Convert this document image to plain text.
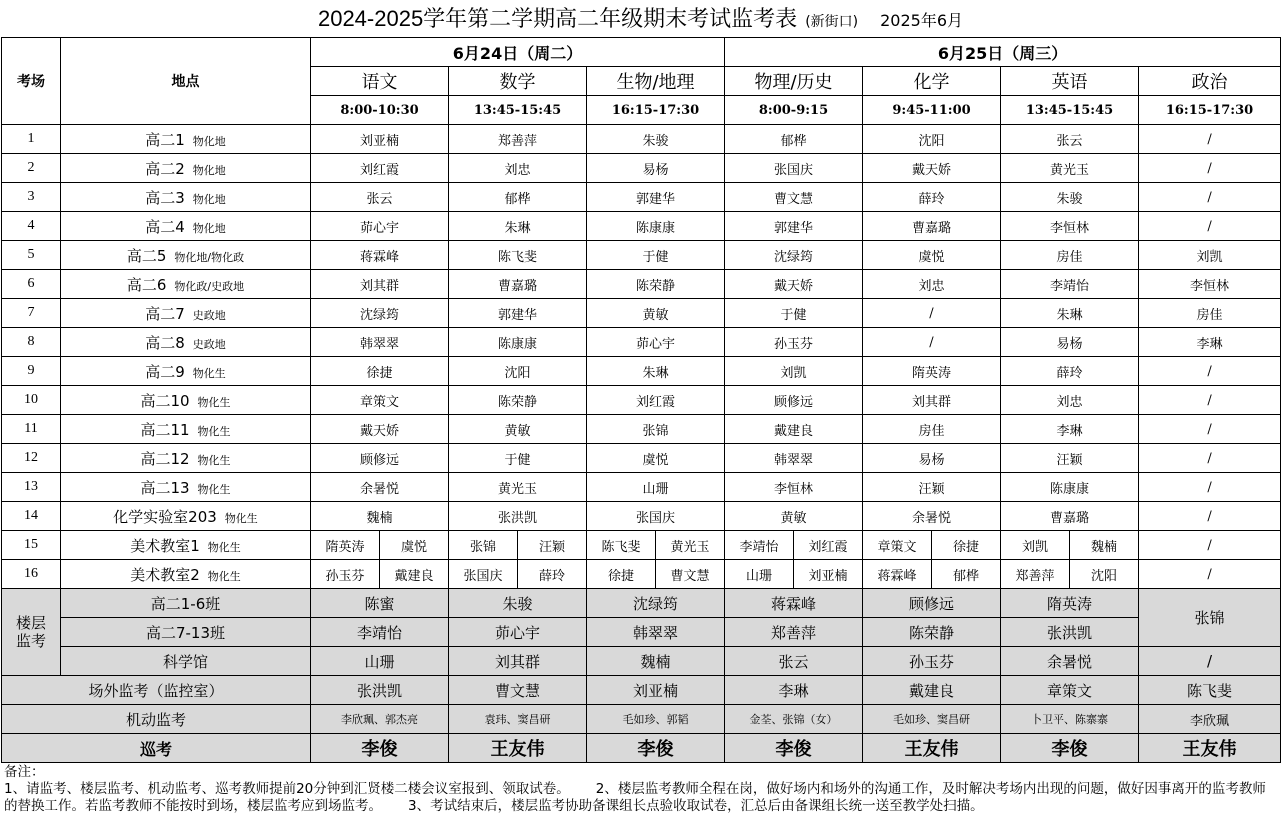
2024-2025学年第二学期高二年级期末考试监考表 (新街口) 2025年6月
考场	地点	6月24日（周二）						6月25日（周三）						
		语文		数学		生物/地理		物理/历史		化学		英语		政治
		8:00-10:30		13:45-15:45		16:15-17:30		8:00-9:15		9:45-11:00		13:45-15:45		16:15-17:30
1	高二1 物化地	刘亚楠		郑善萍		朱骏		郁桦		沈阳		张云		/
2	高二2 物化地	刘红霞		刘忠		易杨		张国庆		戴天娇		黄光玉		/
3	高二3 物化地	张云		郁桦		郭建华		曹文慧		薛玲		朱骏		/
4	高二4 物化地	茆心宇		朱琳		陈康康		郭建华		曹嘉璐		李恒林		/
5	高二5 物化地/物化政	蒋霖峰		陈飞斐		于健		沈绿筠		虞悦		房佳		刘凯
6	高二6 物化政/史政地	刘其群		曹嘉璐		陈荣静		戴天娇		刘忠		李靖怡		李恒林
7	高二7 史政地	沈绿筠		郭建华		黄敏		于健		/		朱琳		房佳
8	高二8 史政地	韩翠翠		陈康康		茆心宇		孙玉芬		/		易杨		李琳
9	高二9 物化生	徐捷		沈阳		朱琳		刘凯		隋英涛		薛玲		/
10	高二10 物化生	章策文		陈荣静		刘红霞		顾修远		刘其群		刘忠		/
11	高二11 物化生	戴天娇		黄敏		张锦		戴建良		房佳		李琳		/
12	高二12 物化生	顾修远		于健		虞悦		韩翠翠		易杨		汪颖		/
13	高二13 物化生	余暑悦		黄光玉		山珊		李恒林		汪颖		陈康康		/
14	化学实验室203 物化生	魏楠		张洪凯		张国庆		黄敏		余暑悦		曹嘉璐		/
15	美术教室1 物化生	隋英涛	虞悦	张锦	汪颖	陈飞斐	黄光玉	李靖怡	刘红霞	章策文	徐捷	刘凯	魏楠	/
16	美术教室2 物化生	孙玉芬	戴建良	张国庆	薛玲	徐捷	曹文慧	山珊	刘亚楠	蒋霖峰	郁桦	郑善萍	沈阳	/
楼层监考	高二1-6班	陈蜜		朱骏		沈绿筠		蒋霖峰		顾修远		隋英涛		张锦
	高二7-13班	李靖怡		茆心宇		韩翠翠		郑善萍		陈荣静		张洪凯		
	科学馆	山珊		刘其群		魏楠		张云		孙玉芬		余暑悦		/
场外监考（监控室）		张洪凯		曹文慧		刘亚楠		李琳		戴建良		章策文		陈飞斐
机动监考		李欣珮、郭杰亮		袁玮、窦昌研		毛如珍、郭韬		金荃、张锦（女）		毛如珍、窦昌研		卜卫平、陈寨寨		李欣珮
巡考		李俊		王友伟		李俊		李俊		王友伟		李俊		王友伟
备注：
1、请监考、楼层监考、机动监考、巡考教师提前20分钟到汇贤楼二楼会议室报到、领取试卷。 2、楼层监考教师全程在岗，做好场内和场外的沟通工作，及时解决考场内出现的问题，做好因事离开的监考教师的替换工作。若监考教师不能按时到场，楼层监考应到场监考。 3、考试结束后，楼层监考协助备课组长点验收取试卷，汇总后由备课组长统一送至教学处扫描。
